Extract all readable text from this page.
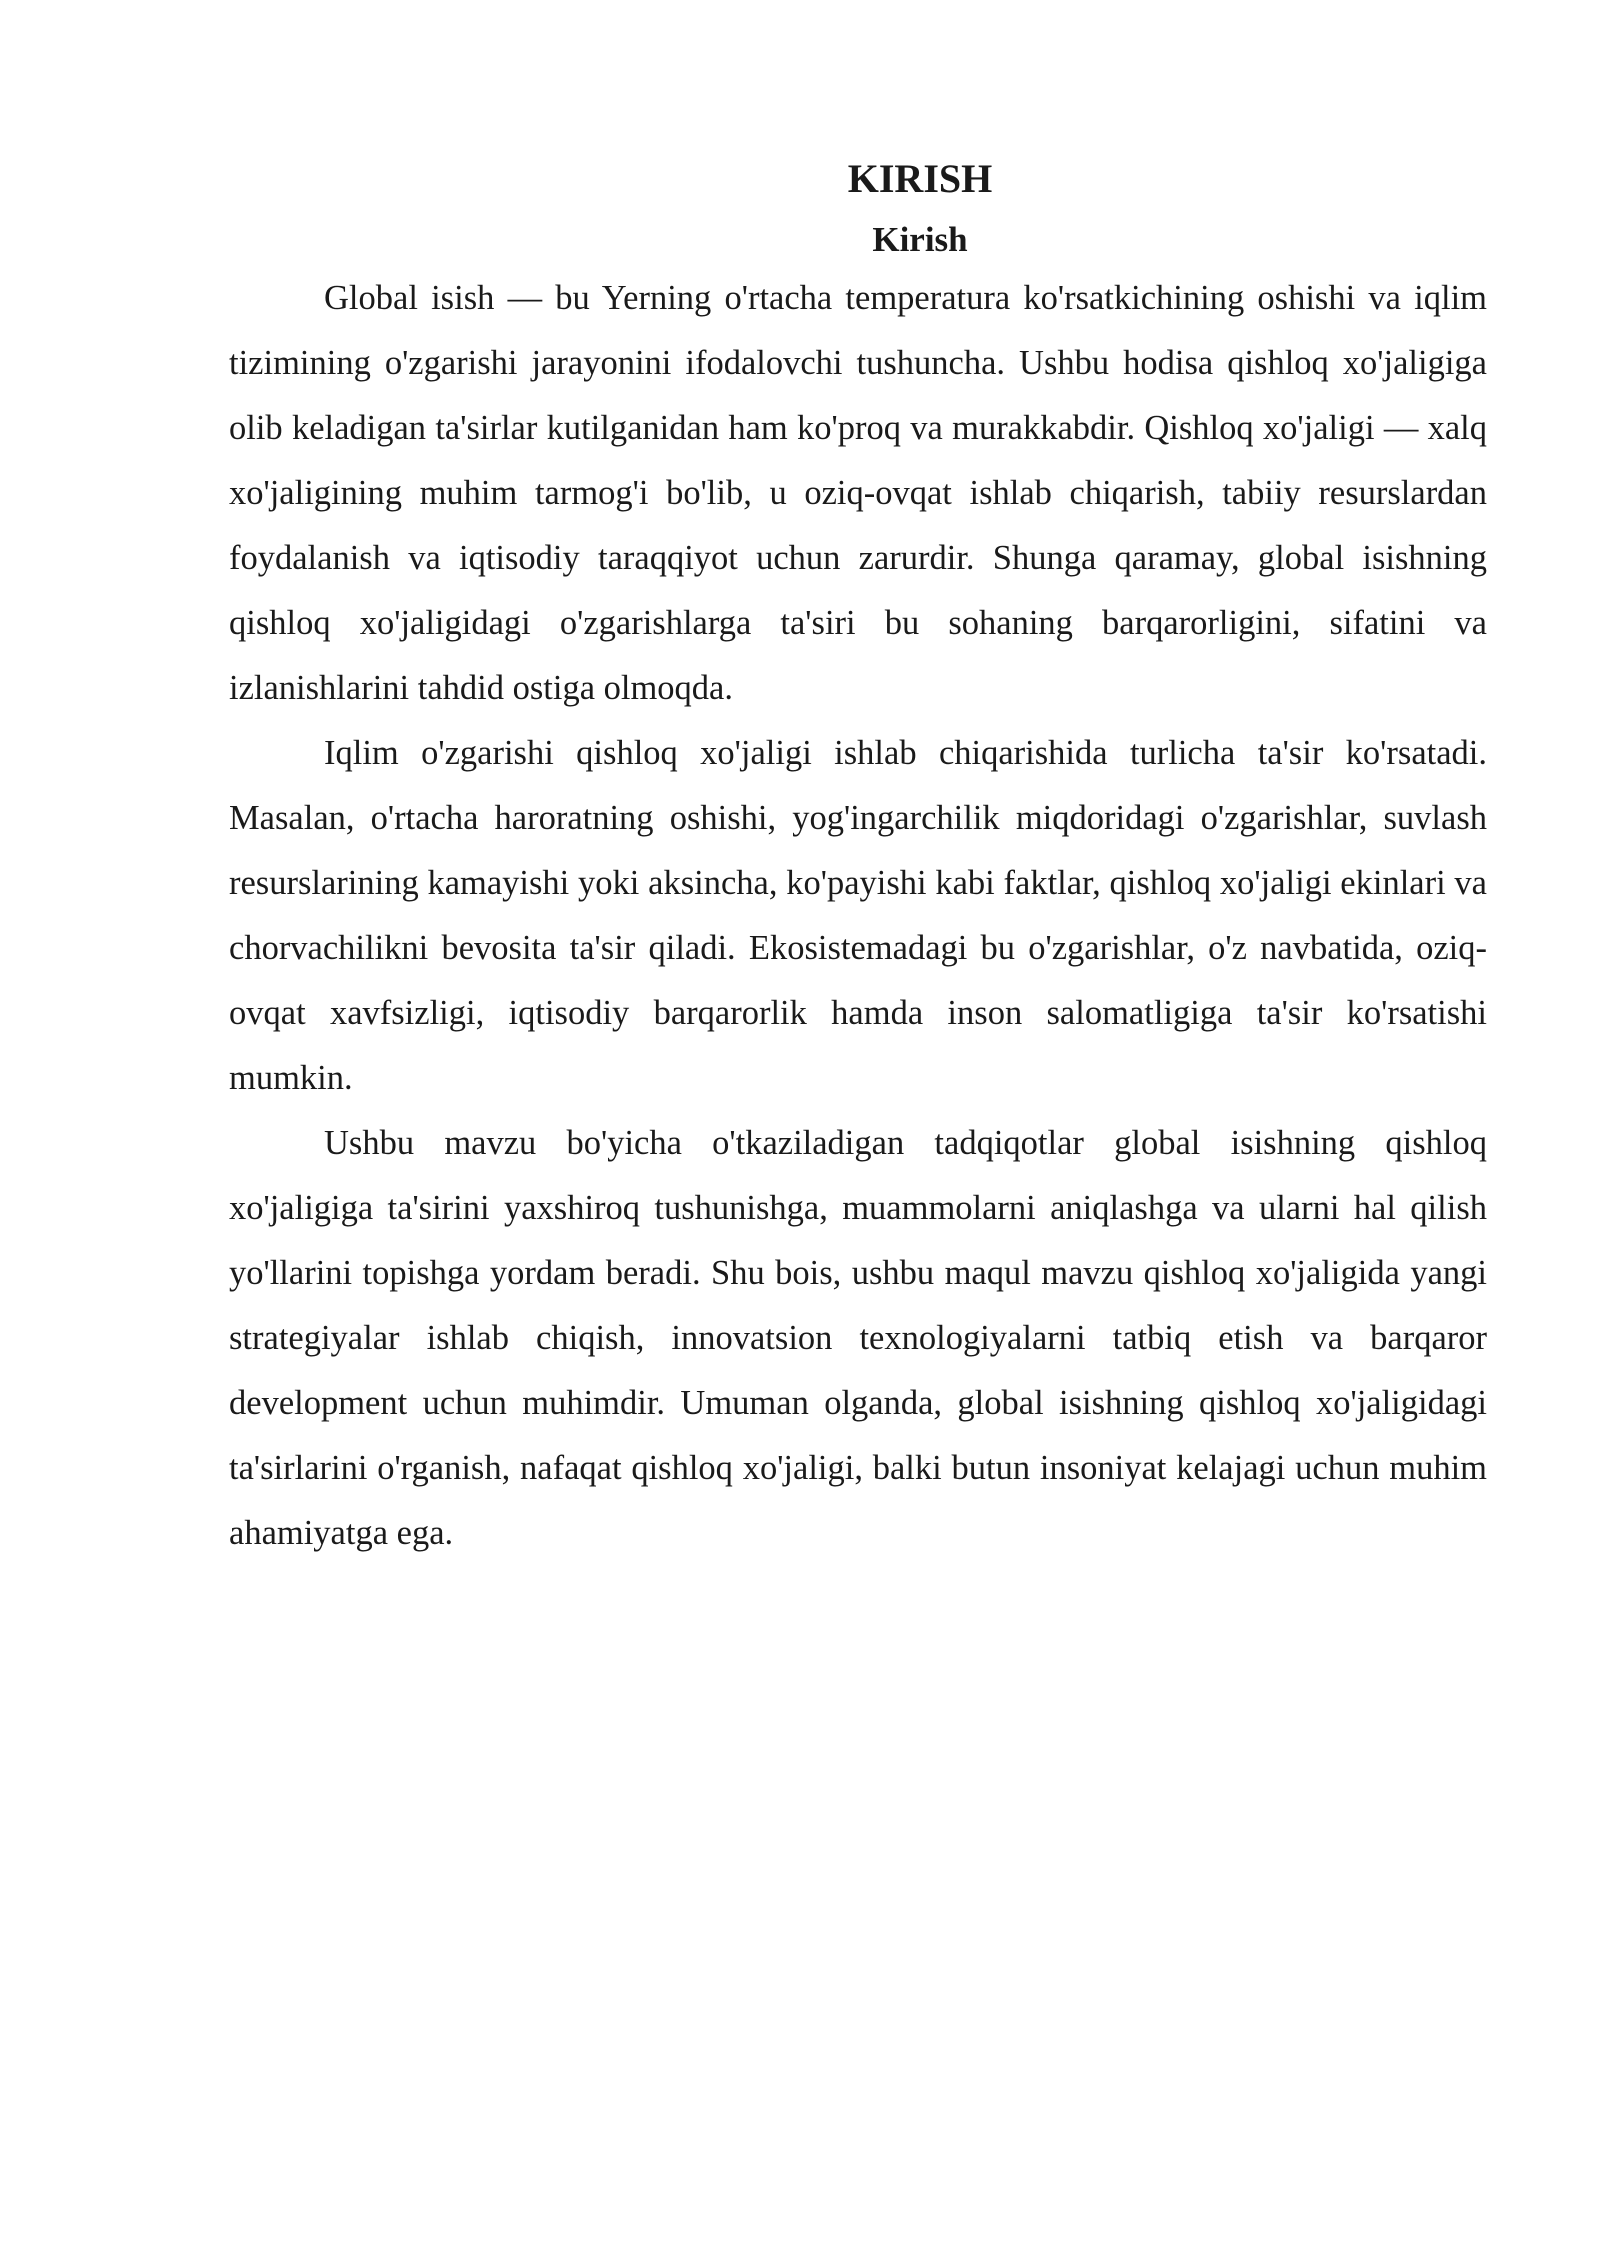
KIRISH
Kirish

Global isish — bu Yerning o'rtacha temperatura ko'rsatkichining oshishi va iqlim tizimining o'zgarishi jarayonini ifodalovchi tushuncha. Ushbu hodisa qishloq xo'jaligiga olib keladigan ta'sirlar kutilganidan ham ko'proq va murakkabdir. Qishloq xo'jaligi — xalq xo'jaligining muhim tarmog'i bo'lib, u oziq-ovqat ishlab chiqarish, tabiiy resurslardan foydalanish va iqtisodiy taraqqiyot uchun zarurdir. Shunga qaramay, global isishning qishloq xo'jaligidagi o'zgarishlarga ta'siri bu sohaning barqarorligini, sifatini va izlanishlarini tahdid ostiga olmoqda.

Iqlim o'zgarishi qishloq xo'jaligi ishlab chiqarishida turlicha ta'sir ko'rsatadi. Masalan, o'rtacha haroratning oshishi, yog'ingarchilik miqdoridagi o'zgarishlar, suvlash resurslarining kamayishi yoki aksincha, ko'payishi kabi faktlar, qishloq xo'jaligi ekinlari va chorvachilikni bevosita ta'sir qiladi. Ekosistemadagi bu o'zgarishlar, o'z navbatida, oziq-ovqat xavfsizligi, iqtisodiy barqarorlik hamda inson salomatligiga ta'sir ko'rsatishi mumkin.

Ushbu mavzu bo'yicha o'tkaziladigan tadqiqotlar global isishning qishloq xo'jaligiga ta'sirini yaxshiroq tushunishga, muammolarni aniqlashga va ularni hal qilish yo'llarini topishga yordam beradi. Shu bois, ushbu maqul mavzu qishloq xo'jaligida yangi strategiyalar ishlab chiqish, innovatsion texnologiyalarni tatbiq etish va barqaror development uchun muhimdir. Umuman olganda, global isishning qishloq xo'jaligidagi ta'sirlarini o'rganish, nafaqat qishloq xo'jaligi, balki butun insoniyat kelajagi uchun muhim ahamiyatga ega.
